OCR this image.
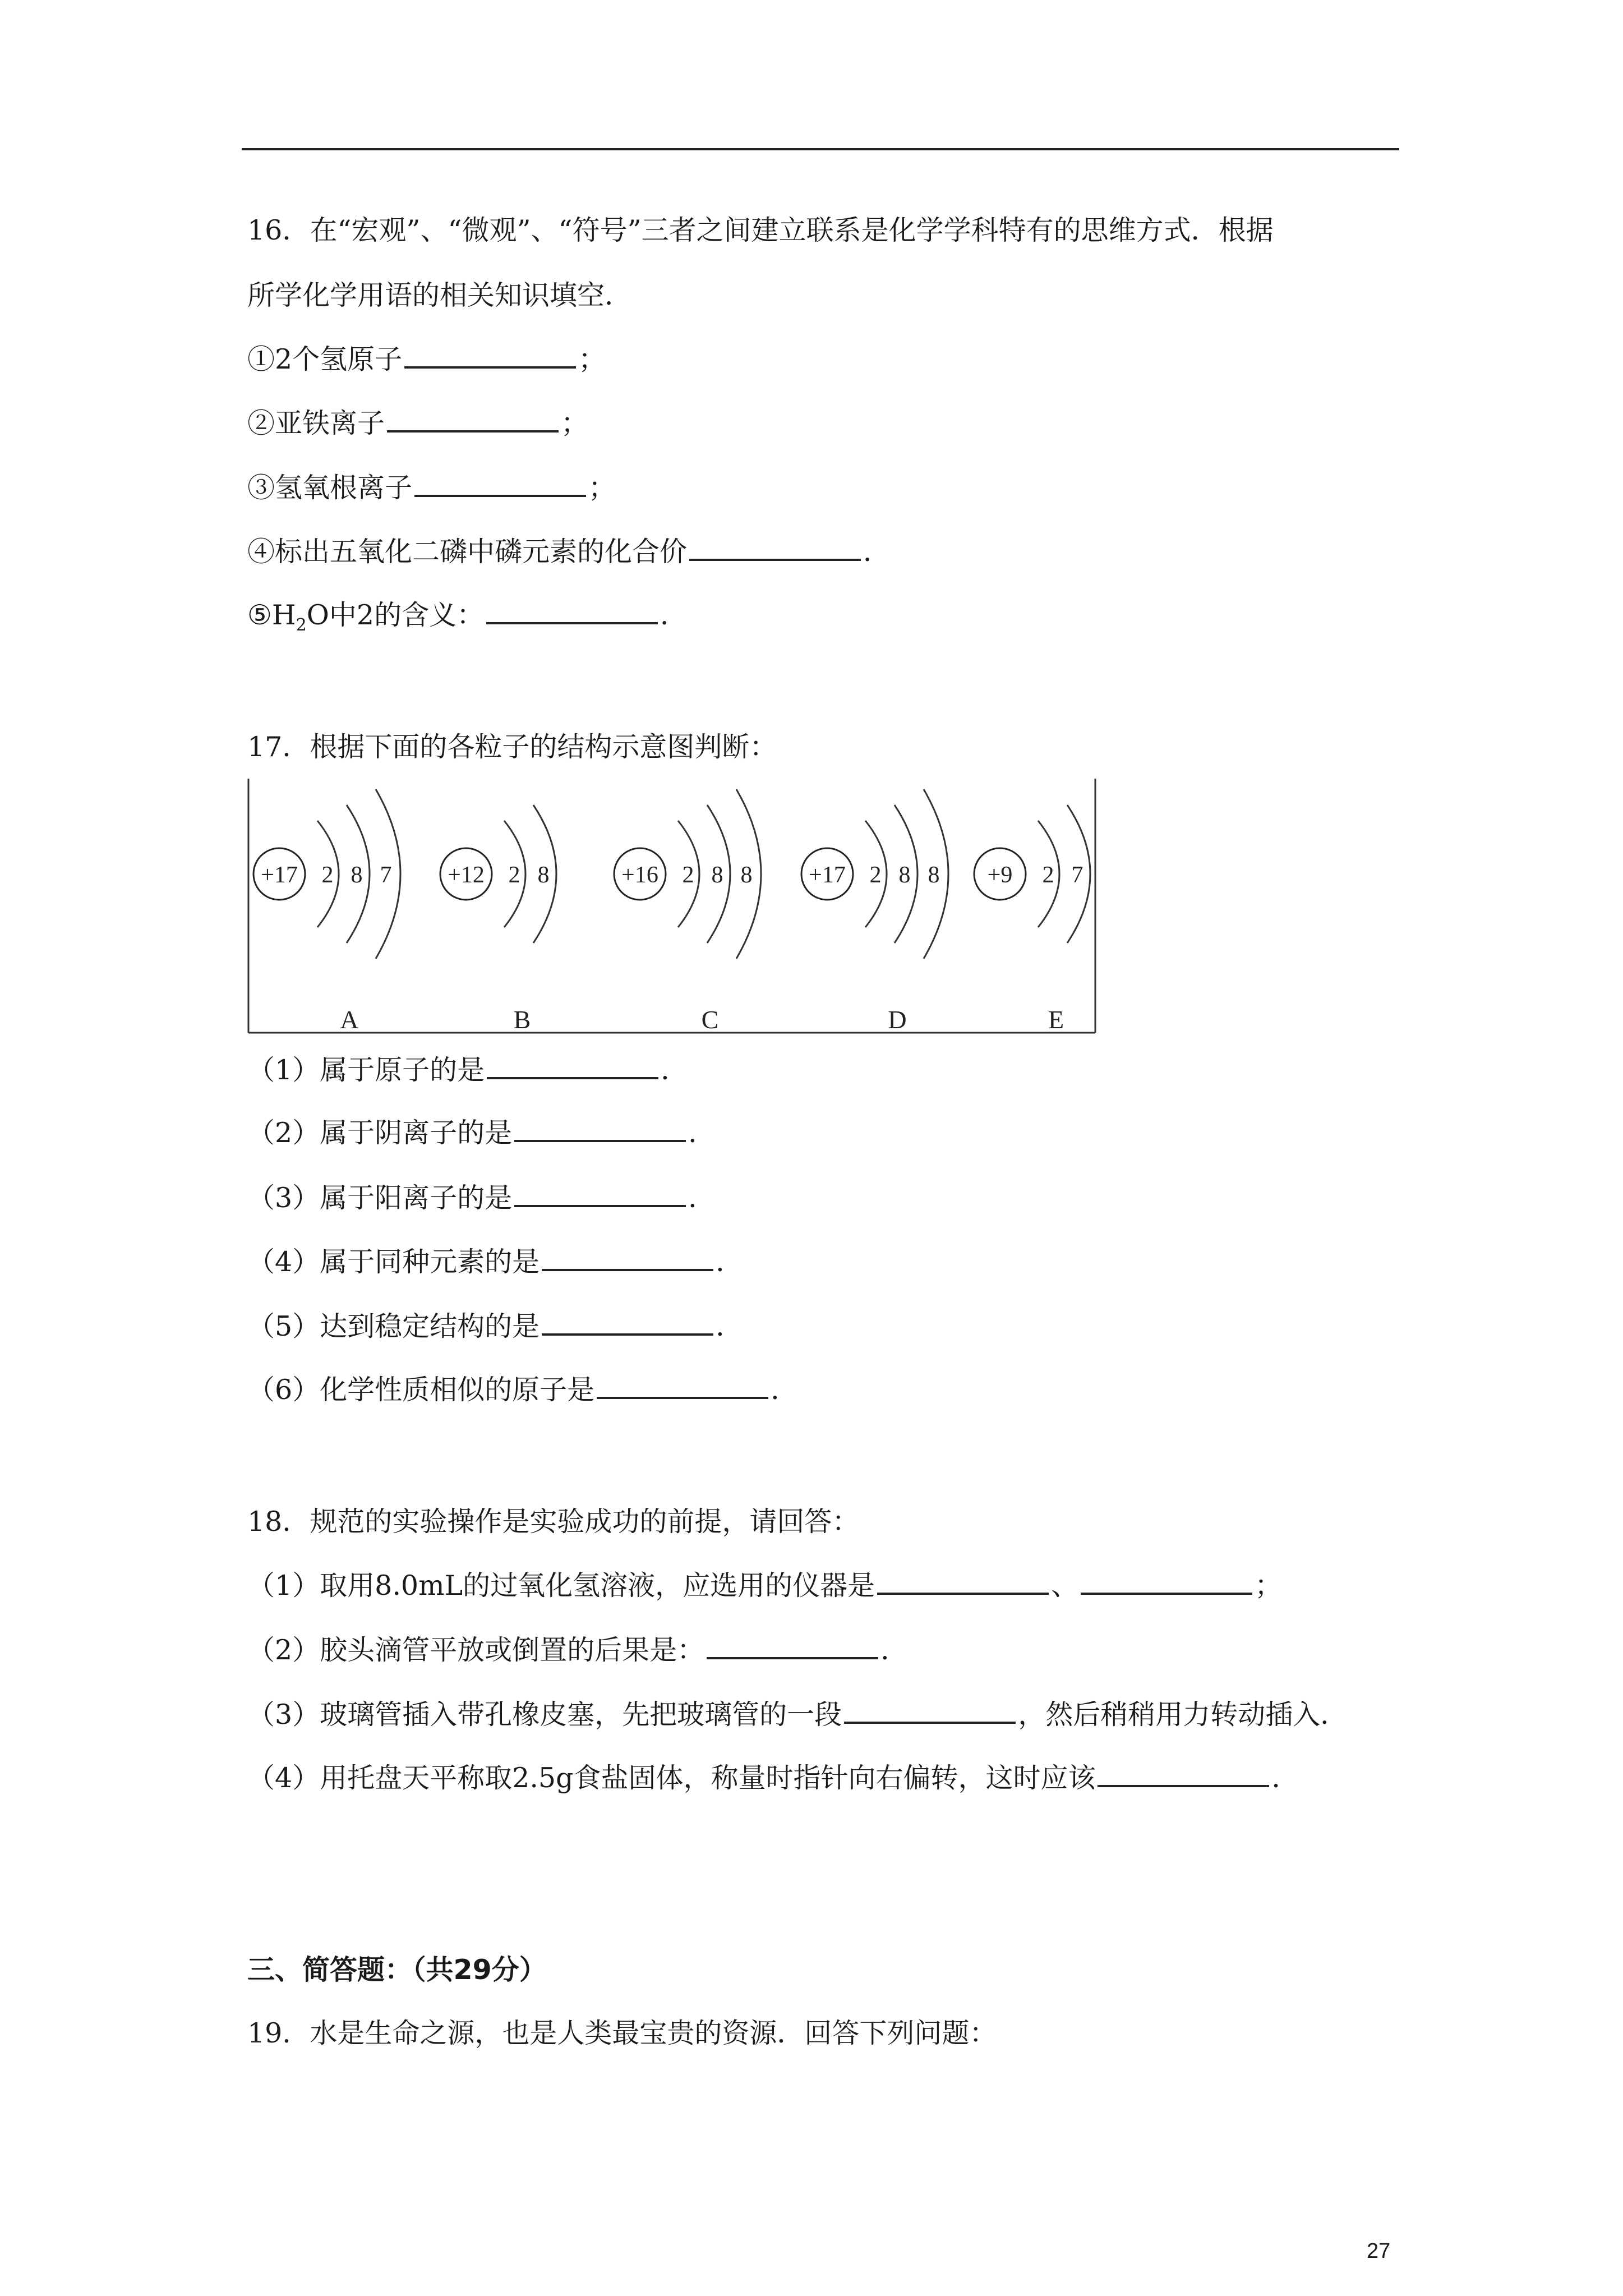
16．在“宏观”、“微观”、“符号”三者之间建立联系是化学学科特有的思维方式．根据
所学化学用语的相关知识填空．
①2个氢原子	；
②亚铁离子	；
③氢氧根离子	；
④标出五氧化二磷中磷元素的化合价	．
$⑤H_2O$中2的含义：	．
17．根据下面的各粒子的结构示意图判断：
+17 2 8 7
A
+12 2 8
B
+16 2 8 8
C
+17 2 8 8
D
+9 2 7
E
（1）属于原子的是	．
（2）属于阴离子的是	．
（3）属于阳离子的是	．
（4）属于同种元素的是	．
（5）达到稳定结构的是	．
（6）化学性质相似的原子是	．
18．规范的实验操作是实验成功的前提，请回答：
（1）取用8.0mL的过氧化氢溶液，应选用的仪器是	、	；
（2）胶头滴管平放或倒置的后果是：	．
（3）玻璃管插入带孔橡皮塞，先把玻璃管的一段	，然后稍稍用力转动插入．
（4）用托盘天平称取2.5g食盐固体，称量时指针向右偏转，这时应该	．
三、简答题：（共29分）
19．水是生命之源，也是人类最宝贵的资源．回答下列问题：
27
